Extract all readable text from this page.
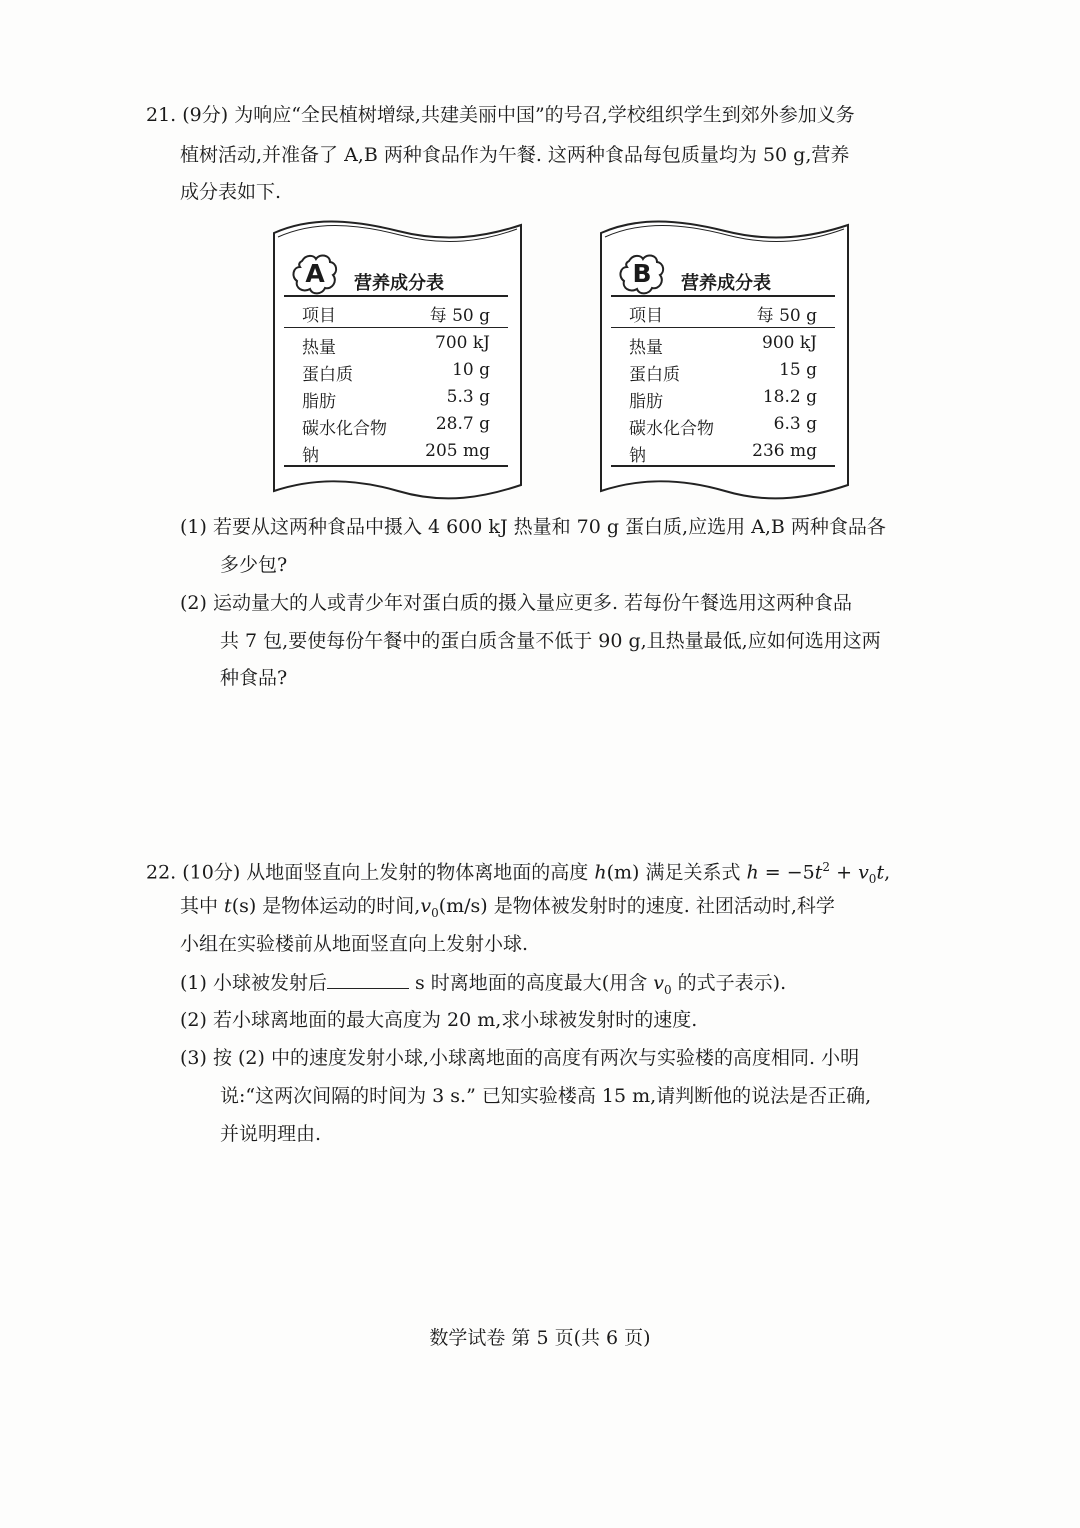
21. (9分) 为响应“全民植树增绿,共建美丽中国”的号召,学校组织学生到郊外参加义务
植树活动,并准备了 A,B 两种食品作为午餐. 这两种食品每包质量均为 50 g,营养
成分表如下.
A	营养成分表
项目	每 50 g
热量	700 kJ
蛋白质	10 g
脂肪	5.3 g
碳水化合物	28.7 g
钠	205 mg
B	营养成分表
项目	每 50 g
热量	900 kJ
蛋白质	15 g
脂肪	18.2 g
碳水化合物	6.3 g
钠	236 mg
(1) 若要从这两种食品中摄入 4 600 kJ 热量和 70 g 蛋白质,应选用 A,B 两种食品各
多少包?
(2) 运动量大的人或青少年对蛋白质的摄入量应更多. 若每份午餐选用这两种食品
共 7 包,要使每份午餐中的蛋白质含量不低于 90 g,且热量最低,应如何选用这两
种食品?
22. (10分) 从地面竖直向上发射的物体离地面的高度 h(m) 满足关系式 $h = -5t^2 + v_0t$,
其中 t(s) 是物体运动的时间$,v_0(m/s)$ 是物体被发射时的速度. 社团活动时,科学
小组在实验楼前从地面竖直向上发射小球.
(1) 小球被发射后	s 时离地面的高度最大(用含 $v_0$ 的式子表示).
(2) 若小球离地面的最大高度为 20 m,求小球被发射时的速度.
(3) 按 (2) 中的速度发射小球,小球离地面的高度有两次与实验楼的高度相同. 小明
说:“这两次间隔的时间为 3 s.” 已知实验楼高 15 m,请判断他的说法是否正确,
并说明理由.
数学试卷 第 5 页(共 6 页)
